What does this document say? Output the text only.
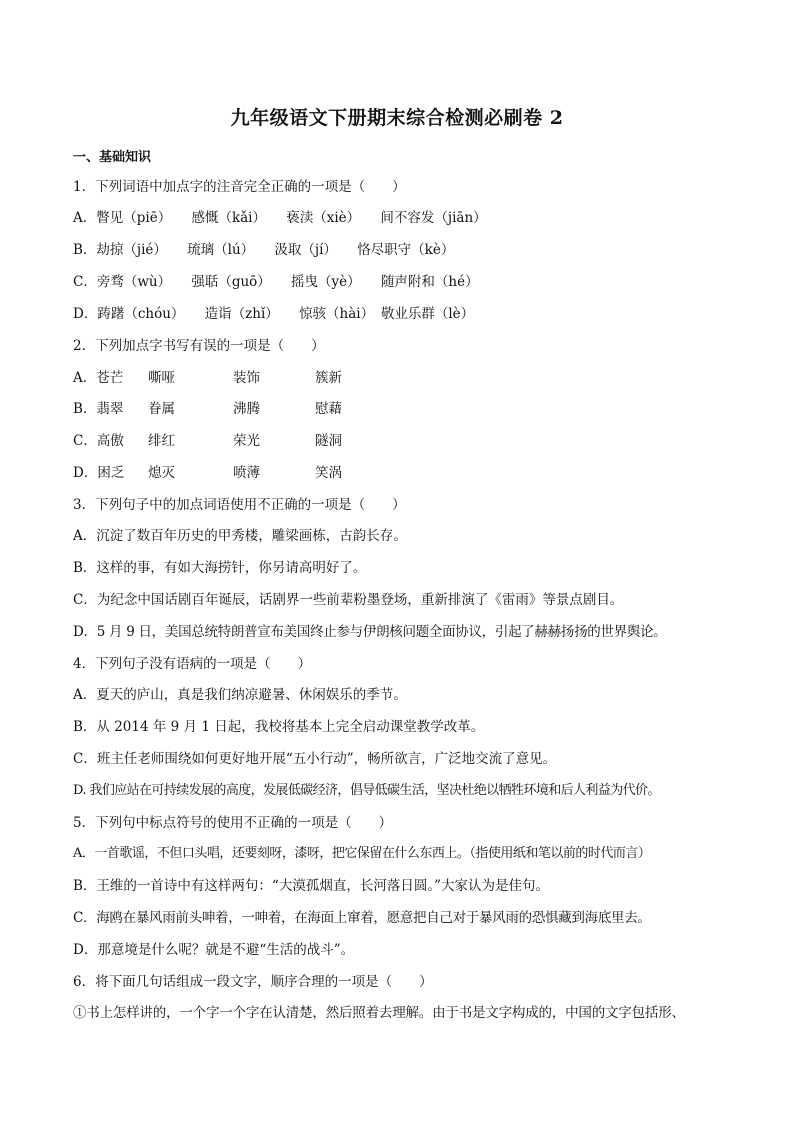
九年级语文下册期末综合检测必刷卷 2
一、基础知识
1．下列词语中加点字的注音完全正确的一项是（　　）
A．瞥见（piē）　　感慨（kǎi）　　亵渎（xiè）　　间不容发（jiān）
B．劫掠（jié）　　琉璃（lú）　　汲取（jí）　　恪尽职守（kè）
C．旁骛（wù）　　强聒（guō）　　摇曳（yè）　　随声附和（hé）
D．踌躇（chóu）　　造诣（zhǐ）　　惊骇（hài）　敬业乐群（lè）
2．下列加点字书写有误的一项是（　　）
A．苍芒 嘶哑	装饰	簇新
B．翡翠 眷属	沸腾	慰藉
C．高傲 绯红	荣光	隧洞
D．困乏 熄灭	喷薄	笑涡
3．下列句子中的加点词语使用不正确的一项是（　　）
A．沉淀了数百年历史的甲秀楼，雕梁画栋，古韵长存。
B．这样的事，有如大海捞针，你另请高明好了。
C．为纪念中国话剧百年诞辰，话剧界一些前辈粉墨登场，重新排演了《雷雨》等景点剧目。
D．5 月 9 日，美国总统特朗普宣布美国终止参与伊朗核问题全面协议，引起了赫赫扬扬的世界舆论。
4．下列句子没有语病的一项是（　　）
A．夏天的庐山，真是我们纳凉避暑、休闲娱乐的季节。
B．从 2014 年 9 月 1 日起，我校将基本上完全启动课堂教学改革。
C．班主任老师围绕如何更好地开展“五小行动”，畅所欲言，广泛地交流了意见。
D. 我们应站在可持续发展的高度，发展低碳经济，倡导低碳生活，坚决杜绝以牺牲环境和后人利益为代价。
5．下列句中标点符号的使用不正确的一项是（　　）
A．一首歌谣，不但口头唱，还要刻呀，漆呀，把它保留在什么东西上。（指使用纸和笔以前的时代而言）
B．王维的一首诗中有这样两句：“大漠孤烟直，长河落日圆。”大家认为是佳句。
C．海鸥在暴风雨前头呻着，一呻着，在海面上窜着，愿意把自己对于暴风雨的恐惧藏到海底里去。
D．那意境是什么呢？就是不避“生活的战斗”。
6．将下面几句话组成一段文字，顺序合理的一项是（　　）
①书上怎样讲的，一个字一个字在认清楚，然后照着去理解。由于书是文字构成的，中国的文字包括形、
